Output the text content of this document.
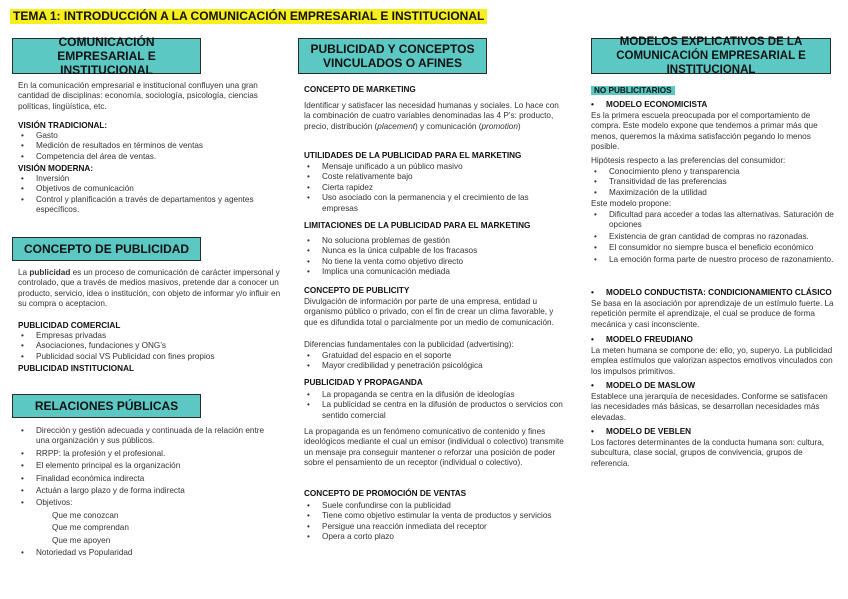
TEMA 1: INTRODUCCIÓN A LA COMUNICACIÓN EMPRESARIAL E INSTITUCIONAL
COMUNICACIÓN EMPRESARIAL E INSTITUCIONAL

En la comunicación empresarial e institucional confluyen una gran cantidad de disciplinas: economía, sociología, psicología, ciencias políticas, lingüística, etc.

VISIÓN TRADICIONAL:

• Gasto
• Medición de resultados en términos de ventas
• Competencia del área de ventas.

VISIÓN MODERNA:

• Inversión
• Objetivos de comunicación
• Control y planificación a través de departamentos y agentes específicos.
CONCEPTO DE PUBLICIDAD

La publicidad es un proceso de comunicación de carácter impersonal y controlado, que a través de medios masivos, pretende dar a conocer un producto, servicio, idea o institución, con objeto de informar y/o influir en su compra o aceptacion.

PUBLICIDAD COMERCIAL

• Empresas privadas
• Asociaciones, fundaciones y ONG’s
• Publicidad social VS Publicidad con fines propios

PUBLICIDAD INSTITUCIONAL

RELACIONES PÚBLICAS
• Dirección y gestión adecuada y continuada de la relación entre una organización y sus públicos.
• RRPP: la profesión y el profesional.
• El elemento principal es la organización
• Finalidad económica indirecta
• Actuán a largo plazo y de forma indirecta
• Objetivos:
Que me conozcan
Que me comprendan
Que me apoyen
• Notoriedad vs Popularidad
PUBLICIDAD Y CONCEPTOS VINCULADOS O AFINES

CONCEPTO DE MARKETING

Identificar y satisfacer las necesidad humanas y sociales. Lo hace con la combinación de cuatro variables denominadas las 4 P’s: producto, precio, distribución (placement) y comunicación (promotion)

UTILIDADES DE LA PUBLICIDAD PARA EL MARKETING

• Mensaje unificado a un público masivo
• Coste relativamente bajo
• Cierta rapidez
• Uso asociado con la permanencia y el crecimiento de las empresas

LIMITACIONES DE LA PUBLICIDAD PARA EL MARKETING

• No soluciona problemas de gestión
• Nunca es la única culpable de los fracasos
• No tiene la venta como objetivo directo
• Implica una comunicación mediada

CONCEPTO DE PUBLICITY

Divulgación de información por parte de una empresa, entidad u organismo público o privado, con el fin de crear un clima favorable, y que es difundida total o parcialmente por un medio de comunicación.

Diferencias fundamentales con la publicidad (advertising):

• Gratuidad del espacio en el soporte
• Mayor credibilidad y penetración psicológica

PUBLICIDAD Y PROPAGANDA

• La propaganda se centra en la difusión de ideologías
• La publicidad se centra en la difusión de productos o servicios con sentido comercial

La propaganda es un fenómeno comunicativo de contenido y fines ideológicos mediante el cual un emisor (individual o colectivo) transmite un mensaje pra conseguir mantener o reforzar una posición de poder sobre el pensamiento de un receptor (individual o colectivo).

CONCEPTO DE PROMOCIÓN DE VENTAS

• Suele confundirse con la publicidad
• Tiene como objetivo estimular la venta de productos y servicios
• Persigue una reacción inmediata del receptor
• Opera a corto plazo
MODELOS EXPLICATIVOS DE LA COMUNICACIÓN EMPRESARIAL E INSTITUCIONAL

NO PUBLICITARIOS

• MODELO ECONOMICISTA

Es la primera escuela preocupada por el comportamiento de compra. Este modelo expone que tendemos a primar más que menos, queremos la máxima satisfacción pegando lo menos posible.

Hipótesis respecto a las preferencias del consumidor:

• Conocimiento pleno y transparencia
• Transitividad de las preferencias
• Maximización de la utilidad

Este modelo propone:

• Dificultad para acceder a todas las alternativas. Saturación de opciones
• Existencia de gran cantidad de compras no razonadas.
• El consumidor no siempre busca el beneficio económico
• La emoción forma parte de nuestro proceso de razonamiento.

• MODELO CONDUCTISTA: CONDICIONAMIENTO CLÁSICO

Se basa en la asociación por aprendizaje de un estímulo fuerte. La repetición permite el aprendizaje, el cual se produce de forma mecánica y casi inconsciente.

• MODELO FREUDIANO

La meten humana se compone de: ello, yo, superyo. La publicidad emplea estímulos que valorizan aspectos emotivos vinculados con los impulsos primitivos.

• MODELO DE MASLOW

Establece una jerarquía de necesidades. Conforme se satisfacen las necesidades más básicas, se desarrollan necesidades más elevadas.

• MODELO DE VEBLEN

Los factores determinantes de la conducta humana son: cultura, subcultura, clase social, grupos de convivencia, grupos de referencia.
